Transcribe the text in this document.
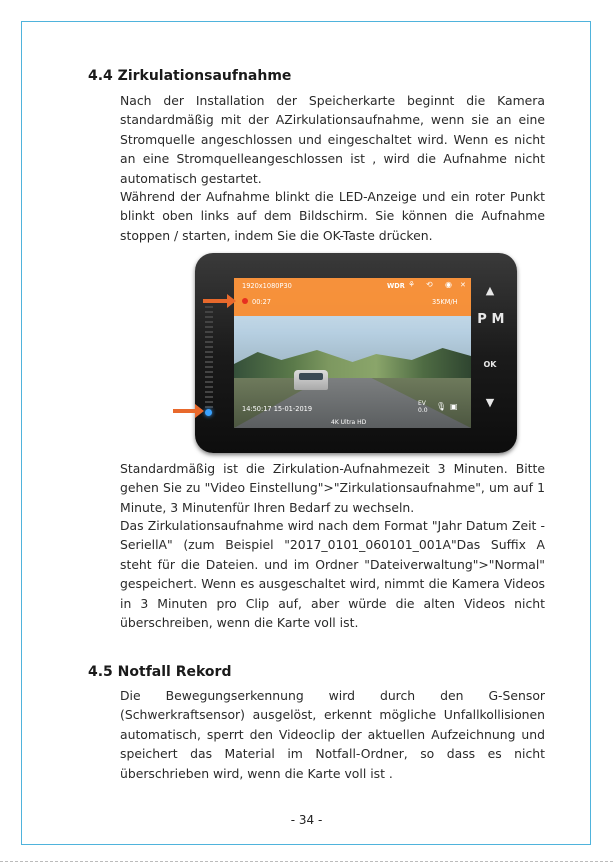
4.4 Zirkulationsaufnahme

Nach der Installation der Speicherkarte beginnt die Kamera standardmäßig mit der AZirkulationsaufnahme, wenn sie an eine Stromquelle angeschlossen und eingeschaltet wird. Wenn es nicht an eine Stromquelleangeschlossen ist , wird die Aufnahme nicht automatisch gestartet.

Während der Aufnahme blinkt die LED-Anzeige und ein roter Punkt blinkt oben links auf dem Bildschirm. Sie können die Aufnahme stoppen / starten, indem Sie die OK-Taste drücken.

1920x1080P30	WDR ⚘ ⟲ ◉ ✕
00:27	35KM/H
14:50:17 15-01-2019
EV
0.0 🎙 ▣
4K Ultra HD
▲
P M
OK
▼

Standardmäßig ist die Zirkulation-Aufnahmezeit 3 Minuten. Bitte gehen Sie zu "Video Einstellung">"Zirkulationsaufnahme", um auf 1 Minute, 3 Minutenfür Ihren Bedarf zu wechseln.

Das Zirkulationsaufnahme wird nach dem Format "Jahr Datum Zeit - SeriellA" (zum Beispiel "2017_0101_060101_001A"Das Suffix A steht für die Dateien. und im Ordner "Dateiverwaltung">"Normal" gespeichert. Wenn es ausgeschaltet wird, nimmt die Kamera Videos in 3 Minuten pro Clip auf, aber würde die alten Videos nicht überschreiben, wenn die Karte voll ist.

4.5 Notfall Rekord

Die Bewegungserkennung wird durch den G-Sensor (Schwerkraftsensor) ausgelöst, erkennt mögliche Unfallkollisionen automatisch, sperrt den Videoclip der aktuellen Aufzeichnung und speichert das Material im Notfall-Ordner, so dass es nicht überschrieben wird, wenn die Karte voll ist .

- 34 -
